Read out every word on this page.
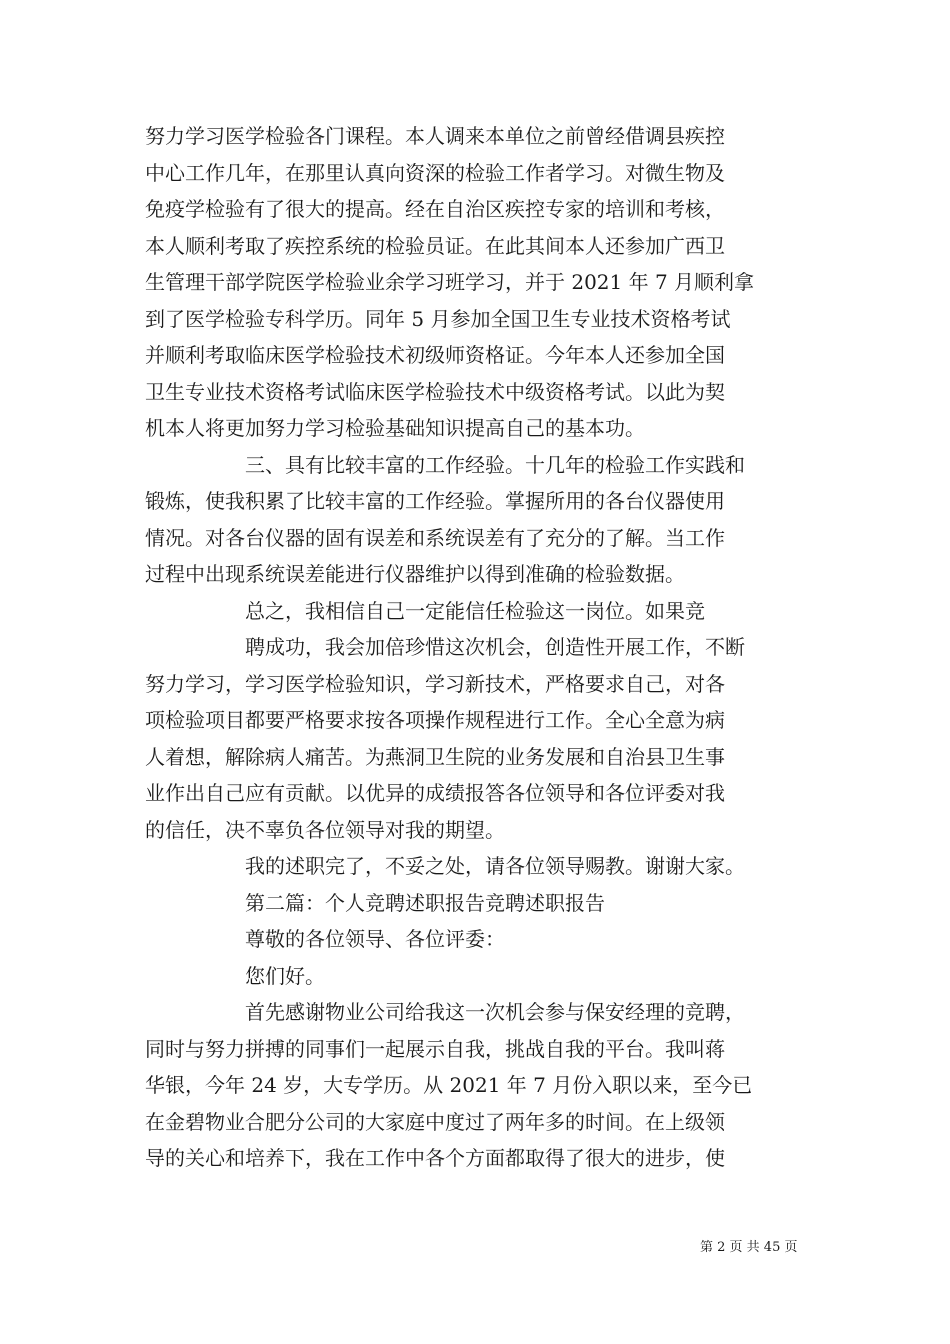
努力学习医学检验各门课程。本人调来本单位之前曾经借调县疾控
中心工作几年，在那里认真向资深的检验工作者学习。对微生物及
免疫学检验有了很大的提高。经在自治区疾控专家的培训和考核，
本人顺利考取了疾控系统的检验员证。在此其间本人还参加广西卫
生管理干部学院医学检验业余学习班学习，并于 2021 年 7 月顺利拿
到了医学检验专科学历。同年 5 月参加全国卫生专业技术资格考试
并顺利考取临床医学检验技术初级师资格证。今年本人还参加全国
卫生专业技术资格考试临床医学检验技术中级资格考试。以此为契
机本人将更加努力学习检验基础知识提高自己的基本功。
三、具有比较丰富的工作经验。十几年的检验工作实践和
锻炼，使我积累了比较丰富的工作经验。掌握所用的各台仪器使用
情况。对各台仪器的固有误差和系统误差有了充分的了解。当工作
过程中出现系统误差能进行仪器维护以得到准确的检验数据。
总之，我相信自己一定能信任检验这一岗位。如果竞
聘成功，我会加倍珍惜这次机会，创造性开展工作，不断
努力学习，学习医学检验知识，学习新技术，严格要求自己，对各
项检验项目都要严格要求按各项操作规程进行工作。全心全意为病
人着想，解除病人痛苦。为燕洞卫生院的业务发展和自治县卫生事
业作出自己应有贡献。以优异的成绩报答各位领导和各位评委对我
的信任，决不辜负各位领导对我的期望。
我的述职完了，不妥之处，请各位领导赐教。谢谢大家。
第二篇：个人竞聘述职报告竞聘述职报告
尊敬的各位领导、各位评委：
您们好。
首先感谢物业公司给我这一次机会参与保安经理的竞聘，
同时与努力拼搏的同事们一起展示自我，挑战自我的平台。我叫蒋
华银，今年 24 岁，大专学历。从 2021 年 7 月份入职以来，至今已
在金碧物业合肥分公司的大家庭中度过了两年多的时间。在上级领
导的关心和培养下，我在工作中各个方面都取得了很大的进步，使
第 2 页 共 45 页
